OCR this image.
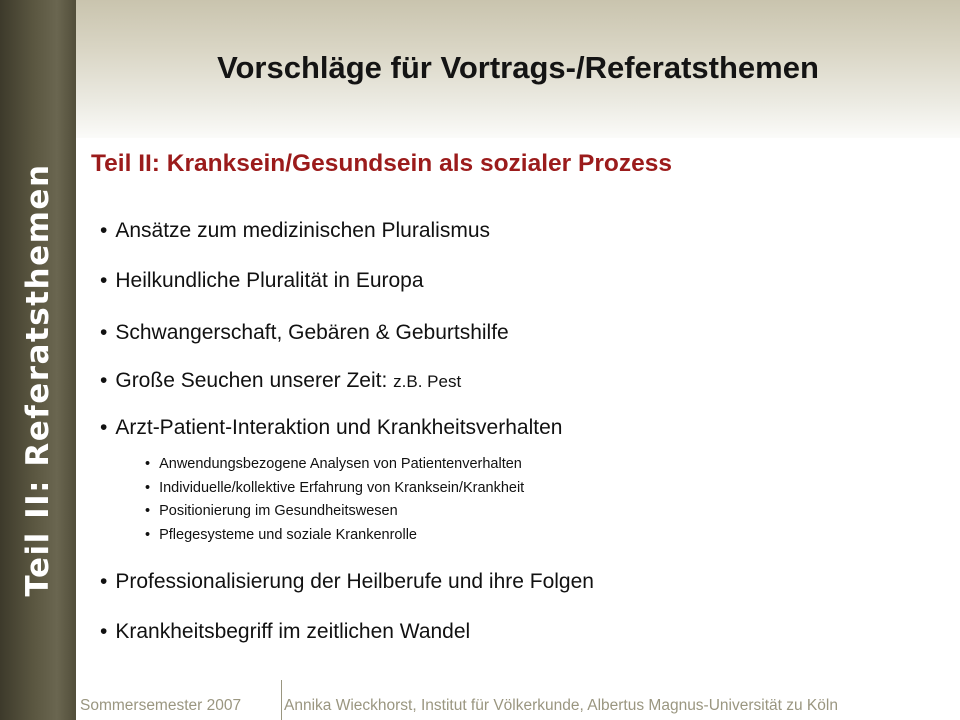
Teil II: Referatsthemen
Vorschläge für Vortrags-/Referatsthemen
Teil II: Kranksein/Gesundsein als sozialer Prozess
• Ansätze zum medizinischen Pluralismus
• Heilkundliche Pluralität in Europa
• Schwangerschaft, Gebären & Geburtshilfe
• Große Seuchen unserer Zeit: z.B. Pest
• Arzt-Patient-Interaktion und Krankheitsverhalten
• Anwendungsbezogene Analysen von Patientenverhalten
• Individuelle/kollektive Erfahrung von Kranksein/Krankheit
• Positionierung im Gesundheitswesen
• Pflegesysteme und soziale Krankenrolle
• Professionalisierung der Heilberufe und ihre Folgen
• Krankheitsbegriff im zeitlichen Wandel
Sommersemester 2007	Annika Wieckhorst, Institut für Völkerkunde, Albertus Magnus-Universität zu Köln
